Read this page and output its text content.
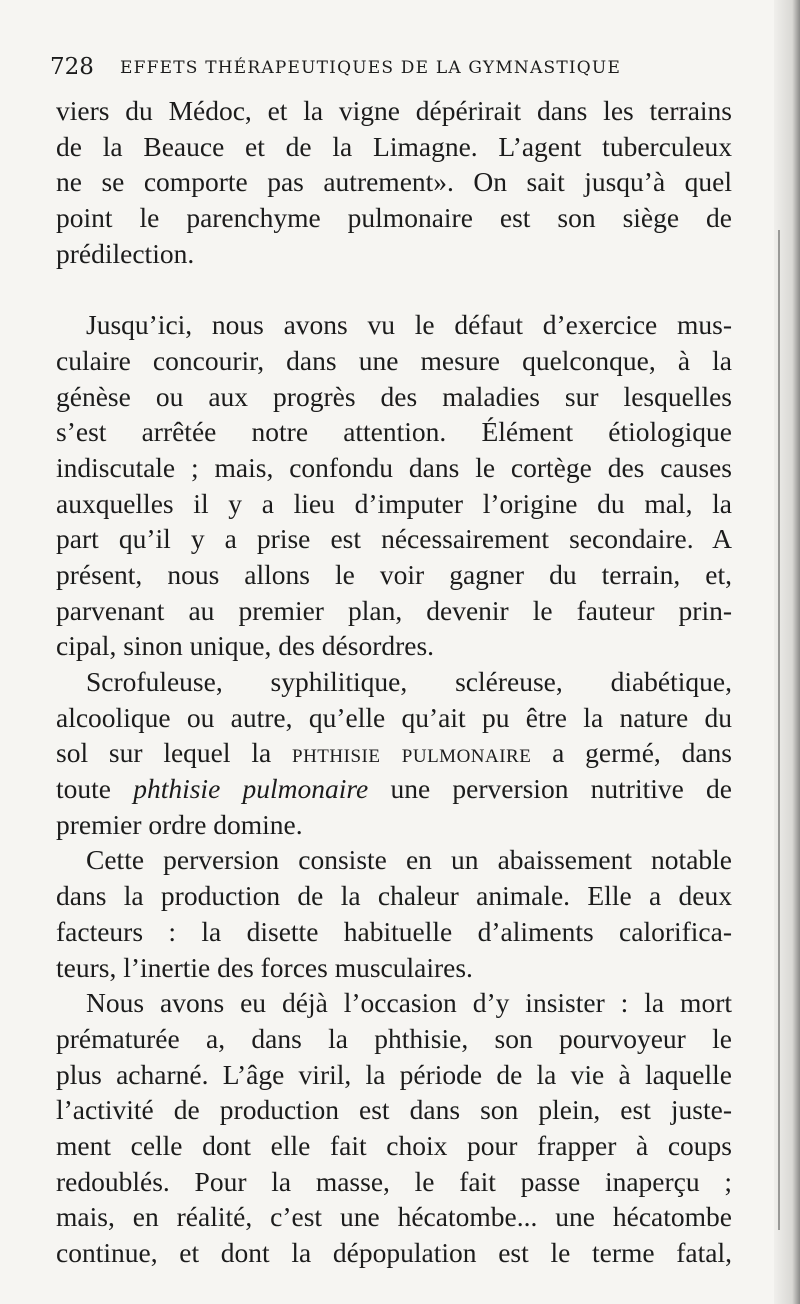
728 EFFETS THÉRAPEUTIQUES DE LA GYMNASTIQUE
viers du Médoc, et la vigne dépérirait dans les terrains
de la Beauce et de la Limagne. L’agent tuberculeux
ne se comporte pas autrement». On sait jusqu’à quel
point le parenchyme pulmonaire est son siège de
prédilection.
Jusqu’ici, nous avons vu le défaut d’exercice mus-
culaire concourir, dans une mesure quelconque, à la
génèse ou aux progrès des maladies sur lesquelles
s’est arrêtée notre attention. Élément étiologique
indiscutale ; mais, confondu dans le cortège des causes
auxquelles il y a lieu d’imputer l’origine du mal, la
part qu’il y a prise est nécessairement secondaire. A
présent, nous allons le voir gagner du terrain, et,
parvenant au premier plan, devenir le fauteur prin-
cipal, sinon unique, des désordres.
Scrofuleuse, syphilitique, scléreuse, diabétique,
alcoolique ou autre, qu’elle qu’ait pu être la nature du
sol sur lequel la phthisie pulmonaire a germé, dans
toute phthisie pulmonaire une perversion nutritive de
premier ordre domine.
Cette perversion consiste en un abaissement notable
dans la production de la chaleur animale. Elle a deux
facteurs : la disette habituelle d’aliments calorifica-
teurs, l’inertie des forces musculaires.
Nous avons eu déjà l’occasion d’y insister : la mort
prématurée a, dans la phthisie, son pourvoyeur le
plus acharné. L’âge viril, la période de la vie à laquelle
l’activité de production est dans son plein, est juste-
ment celle dont elle fait choix pour frapper à coups
redoublés. Pour la masse, le fait passe inaperçu ;
mais, en réalité, c’est une hécatombe... une hécatombe
continue, et dont la dépopulation est le terme fatal,
